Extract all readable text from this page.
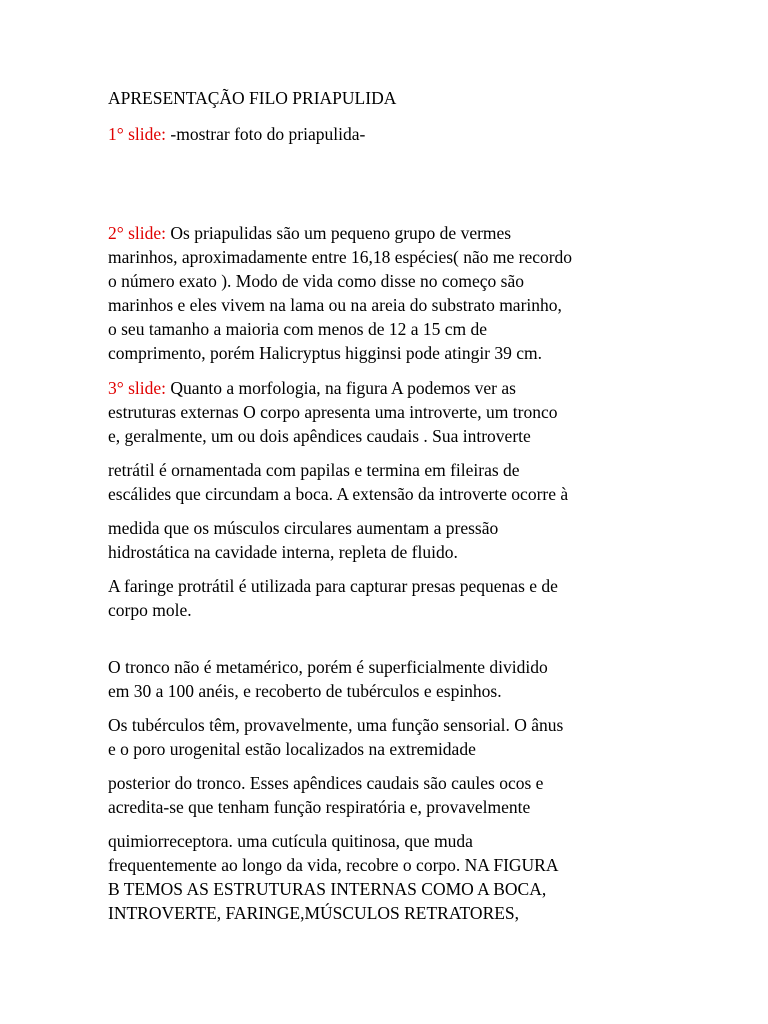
APRESENTAÇÃO FILO PRIAPULIDA

1° slide: -mostrar foto do priapulida-

2° slide: Os priapulidas são um pequeno grupo de vermes

marinhos, aproximadamente entre 16,18 espécies( não me recordo

o número exato ). Modo de vida como disse no começo são

marinhos e eles vivem na lama ou na areia do substrato marinho,

o seu tamanho a maioria com menos de 12 a 15 cm de

comprimento, porém Halicryptus higginsi pode atingir 39 cm.

3° slide: Quanto a morfologia, na figura A podemos ver as

estruturas externas O corpo apresenta uma introverte, um tronco

e, geralmente, um ou dois apêndices caudais . Sua introverte

retrátil é ornamentada com papilas e termina em fileiras de

escálides que circundam a boca. A extensão da introverte ocorre à

medida que os músculos circulares aumentam a pressão

hidrostática na cavidade interna, repleta de fluido.

A faringe protrátil é utilizada para capturar presas pequenas e de

corpo mole.

O tronco não é metamérico, porém é superficialmente dividido

em 30 a 100 anéis, e recoberto de tubérculos e espinhos.

Os tubérculos têm, provavelmente, uma função sensorial. O ânus

e o poro urogenital estão localizados na extremidade

posterior do tronco. Esses apêndices caudais são caules ocos e

acredita-se que tenham função respiratória e, provavelmente

quimiorreceptora. uma cutícula quitinosa, que muda

frequentemente ao longo da vida, recobre o corpo. NA FIGURA

B TEMOS AS ESTRUTURAS INTERNAS COMO A BOCA,

INTROVERTE, FARINGE,MÚSCULOS RETRATORES,
